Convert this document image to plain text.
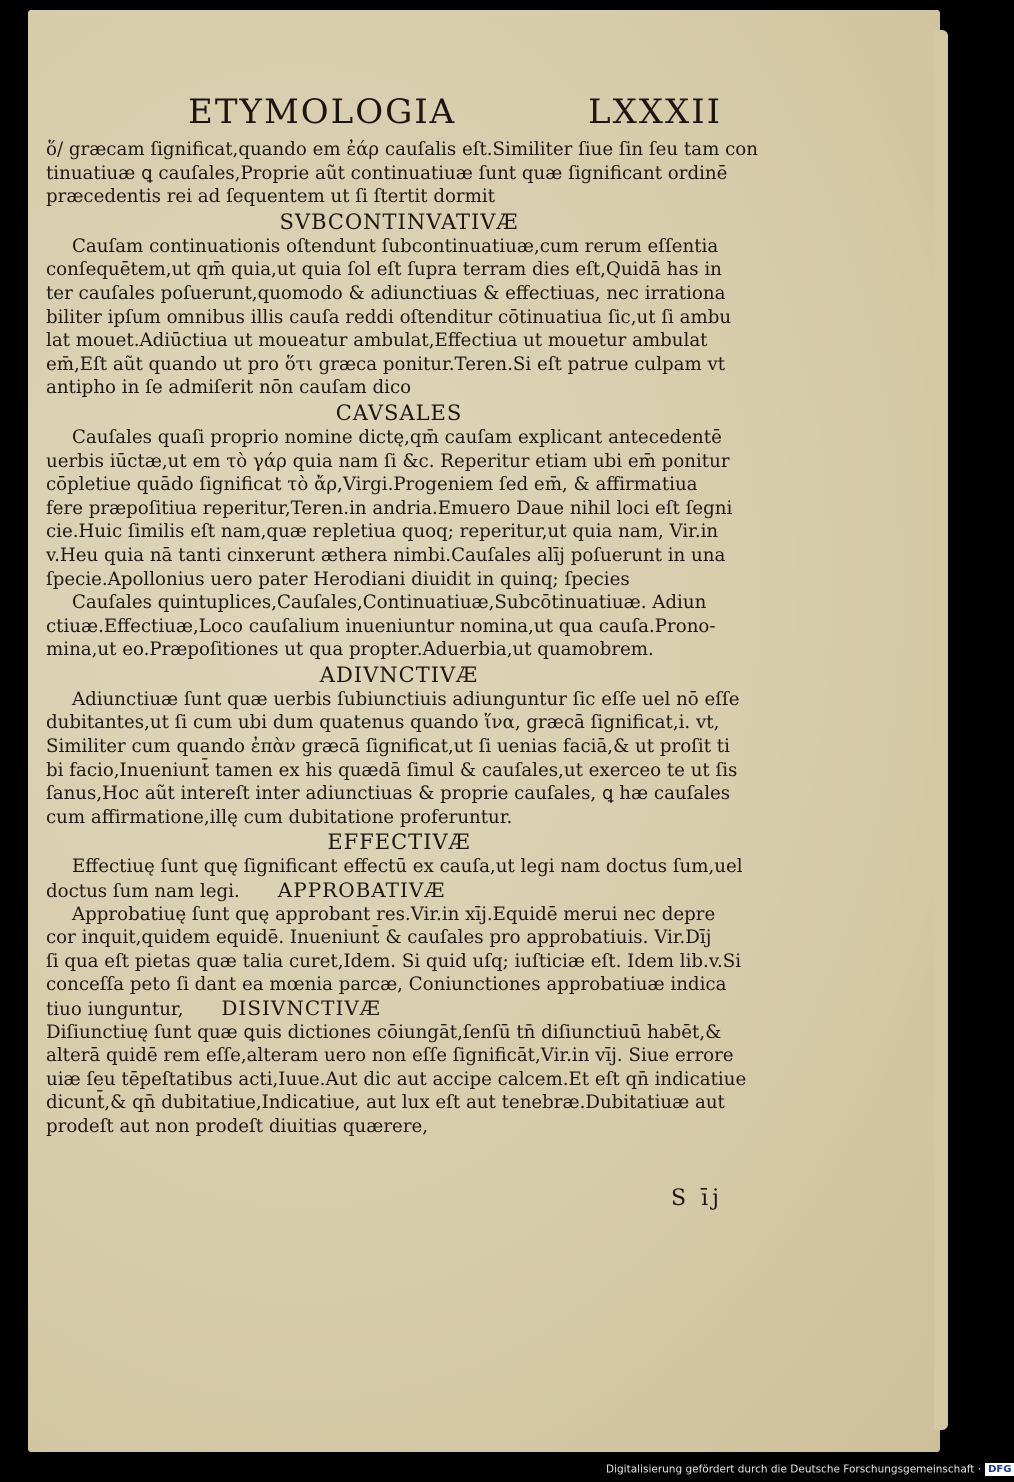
ETYMOLOGIA	LXXXII
ὅ/ græcam ſignificat,quando em ἐάρ cauſalis eſt.Similiter ſiue ſin ſeu tam con
tinuatiuæ ꝗ cauſales,Proprie aũt continuatiuæ ſunt quæ ſignificant ordinē
præcedentis rei ad ſequentem ut ſi ſtertit dormit
SVBCONTINVATIVÆ
Cauſam continuationis oſtendunt ſubcontinuatiuæ,cum rerum eſſentia
conſequētem,ut qm̄ quia,ut quia ſol eſt ſupra terram dies eſt,Quidā has in
ter cauſales poſuerunt,quomodo & adiunctiuas & effectiuas, nec irrationa
biliter ipſum omnibus illis cauſa reddi oſtenditur cōtinuatiua ſic,ut ſi ambu
lat mouet.Adiūctiua ut moueatur ambulat,Effectiua ut mouetur ambulat
em̄,Eſt aũt quando ut pro ὅτι græca ponitur.Teren.Si eſt patrue culpam vt
antipho in ſe admiſerit nōn cauſam dico
CAVSALES
Cauſales quaſi proprio nomine dictę,qm̄ cauſam explicant antecedentē
uerbis iūctæ,ut em τὸ γάρ quia nam ſi &c. Reperitur etiam ubi em̄ ponitur
cōpletiue quādo ſignificat τὸ ἄρ,Virgi.Progeniem ſed em̄, & affirmatiua
fere præpoſitiua reperitur,Teren.in andria.Emuero Daue nihil loci eſt ſegni
cie.Huic ſimilis eſt nam,quæ repletiua quoq; reperitur,ut quia nam, Vir.in
v.Heu quia nā tanti cinxerunt æthera nimbi.Cauſales alīj poſuerunt in una
ſpecie.Apollonius uero pater Herodiani diuidit in quinq; ſpecies
Cauſales quintuplices,Cauſales,Continuatiuæ,Subcōtinuatiuæ. Adiun
ctiuæ.Effectiuæ,Loco cauſalium inueniuntur nomina,ut qua cauſa.Prono-
mina,ut eo.Præpoſitiones ut qua propter.Aduerbia,ut quamobrem.
ADIVNCTIVÆ
Adiunctiuæ ſunt quæ uerbis ſubiunctiuis adiunguntur ſic eſſe uel nō eſſe
dubitantes,ut ſi cum ubi dum quatenus quando ἵνα, græcā ſignificat,i. vt,
Similiter cum quando ἐπὰν græcā ſignificat,ut ſi uenias faciā,& ut proſit ti
bi facio,Inueniunt̄ tamen ex his quædā ſimul & cauſales,ut exerceo te ut ſis
ſanus,Hoc aũt intereſt inter adiunctiuas & proprie cauſales, ꝗ hæ cauſales
cum affirmatione,illę cum dubitatione proferuntur.
EFFECTIVÆ
Effectiuę ſunt quę ſignificant effectū ex cauſa,ut legi nam doctus ſum,uel
doctus ſum nam legi. APPROBATIVÆ
Approbatiuę ſunt quę approbant res.Vir.in xīj.Equidē merui nec depre
cor inquit,quidem equidē. Inueniunt̄ & cauſales pro approbatiuis. Vir.Dīj
ſi qua eſt pietas quæ talia curet,Idem. Si quid uſq; iuſticiæ eſt. Idem lib.v.Si
conceſſa peto ſi dant ea mœnia parcæ, Coniunctiones approbatiuæ indica
tiuo iunguntur, DISIVNCTIVÆ
Diſiunctiuę ſunt quæ ꝗuis dictiones cōiungāt,ſenſū tn̄ diſiunctiuū habēt,&
alterā quidē rem eſſe,alteram uero non eſſe ſignificāt,Vir.in vīj. Siue errore
uiæ ſeu tēpeſtatibus acti,Iuue.Aut dic aut accipe calcem.Et eſt qn̄ indicatiue
dicunt̄,& qn̄ dubitatiue,Indicatiue, aut lux eſt aut tenebræ.Dubitatiuæ aut
prodeſt aut non prodeſt diuitias quærere,
S īj
Digitalisierung gefördert durch die Deutsche Forschungsgemeinschaft · DFG
